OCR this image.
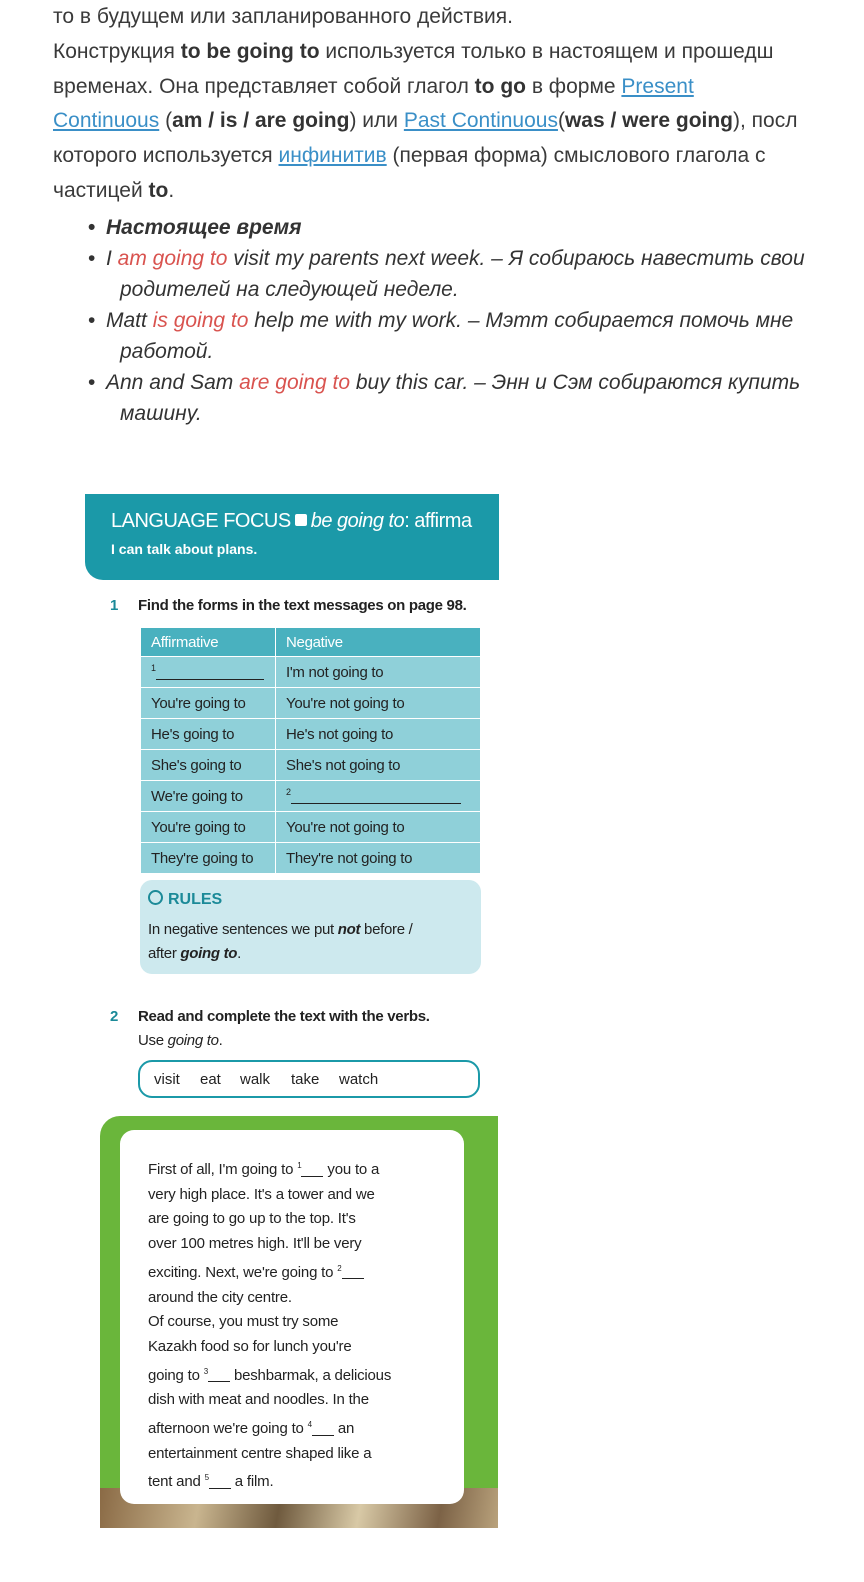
то в будущем или запланированного действия.

Конструкция to be going to используется только в настоящем и прошедш

временах. Она представляет собой глагол to go в форме Present

Continuous (am / is / are going) или Past Continuous(was / were going), посл

которого используется инфинитив (первая форма) смыслового глагола с

частицей to.

• Настоящее время
• I am going to visit my parents next week. – Я собираюсь навестить свои
родителей на следующей неделе.
• Matt is going to help me with my work. – Мэтт собирается помочь мне
работой.
• Ann and Sam are going to buy this car. – Энн и Сэм собираются купить
машину.
LANGUAGE FOCUS be going to: affirma
I can talk about plans.
1 Find the forms in the text messages on page 98.
Affirmative	Negative
$^1$	I'm not going to
You're going to	You're not going to
He's going to	He's not going to
She's going to	She's not going to
We're going to	$^2$
You're going to	You're not going to
They're going to	They're not going to
RULES
In negative sentences we put not before /
after going to.
2 Read and complete the text with the verbs.
Use going to.
visit eat walk take watch

First of all, I'm going to $^1$ you to a

very high place. It's a tower and we

are going to go up to the top. It's

over 100 metres high. It'll be very

exciting. Next, we're going to $^2$

around the city centre.

Of course, you must try some

Kazakh food so for lunch you're

going to $^3$ beshbarmak, a delicious

dish with meat and noodles. In the

afternoon we're going to $^4$ an

entertainment centre shaped like a

tent and $^5$ a film.
